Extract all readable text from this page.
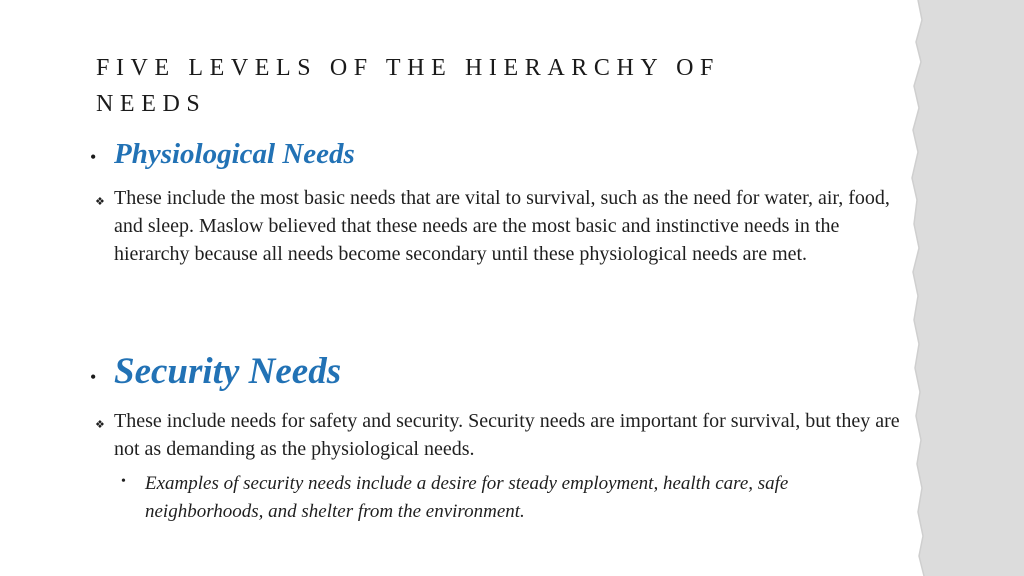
FIVE LEVELS OF THE HIERARCHY OF NEEDS
• Physiological Needs
❖ These include the most basic needs that are vital to survival, such as the need for water, air, food, and sleep. Maslow believed that these needs are the most basic and instinctive needs in the hierarchy because all needs become secondary until these physiological needs are met.

• Security Needs
❖ These include needs for safety and security. Security needs are important for survival, but they are not as demanding as the physiological needs.

• Examples of security needs include a desire for steady employment, health care, safe neighborhoods, and shelter from the environment.
